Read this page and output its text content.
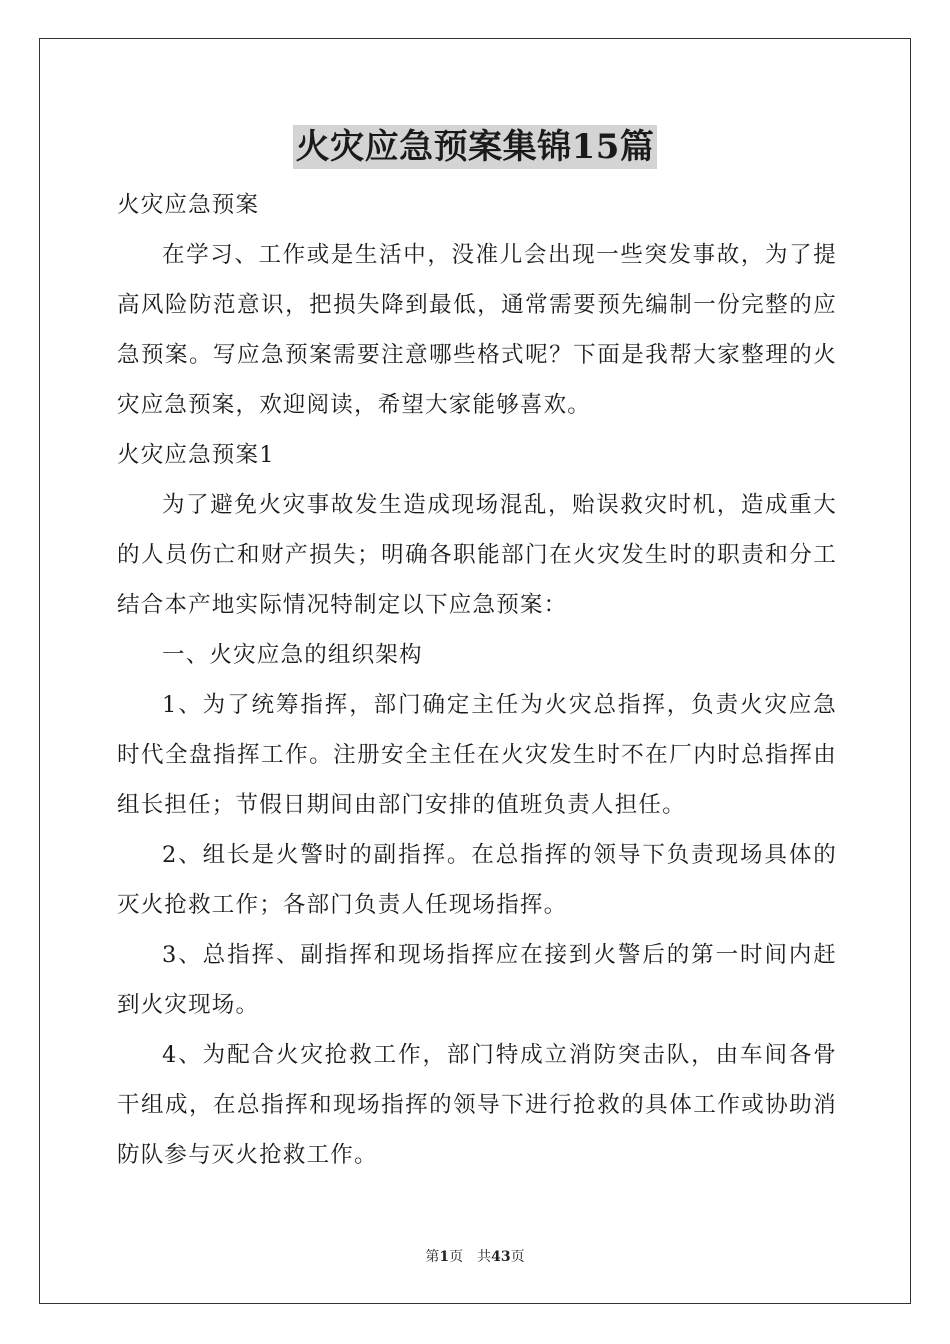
火灾应急预案集锦15篇

火灾应急预案

在学习、工作或是生活中，没准儿会出现一些突发事故，为了提高风险防范意识，把损失降到最低，通常需要预先编制一份完整的应急预案。写应急预案需要注意哪些格式呢？下面是我帮大家整理的火灾应急预案，欢迎阅读，希望大家能够喜欢。

火灾应急预案1

为了避免火灾事故发生造成现场混乱，贻误救灾时机，造成重大的人员伤亡和财产损失；明确各职能部门在火灾发生时的职责和分工结合本产地实际情况特制定以下应急预案：

一、火灾应急的组织架构

1、为了统筹指挥，部门确定主任为火灾总指挥，负责火灾应急时代全盘指挥工作。注册安全主任在火灾发生时不在厂内时总指挥由组长担任；节假日期间由部门安排的值班负责人担任。

2、组长是火警时的副指挥。在总指挥的领导下负责现场具体的灭火抢救工作；各部门负责人任现场指挥。

3、总指挥、副指挥和现场指挥应在接到火警后的第一时间内赶到火灾现场。

4、为配合火灾抢救工作，部门特成立消防突击队，由车间各骨干组成，在总指挥和现场指挥的领导下进行抢救的具体工作或协助消防队参与灭火抢救工作。

第1页 共43页
